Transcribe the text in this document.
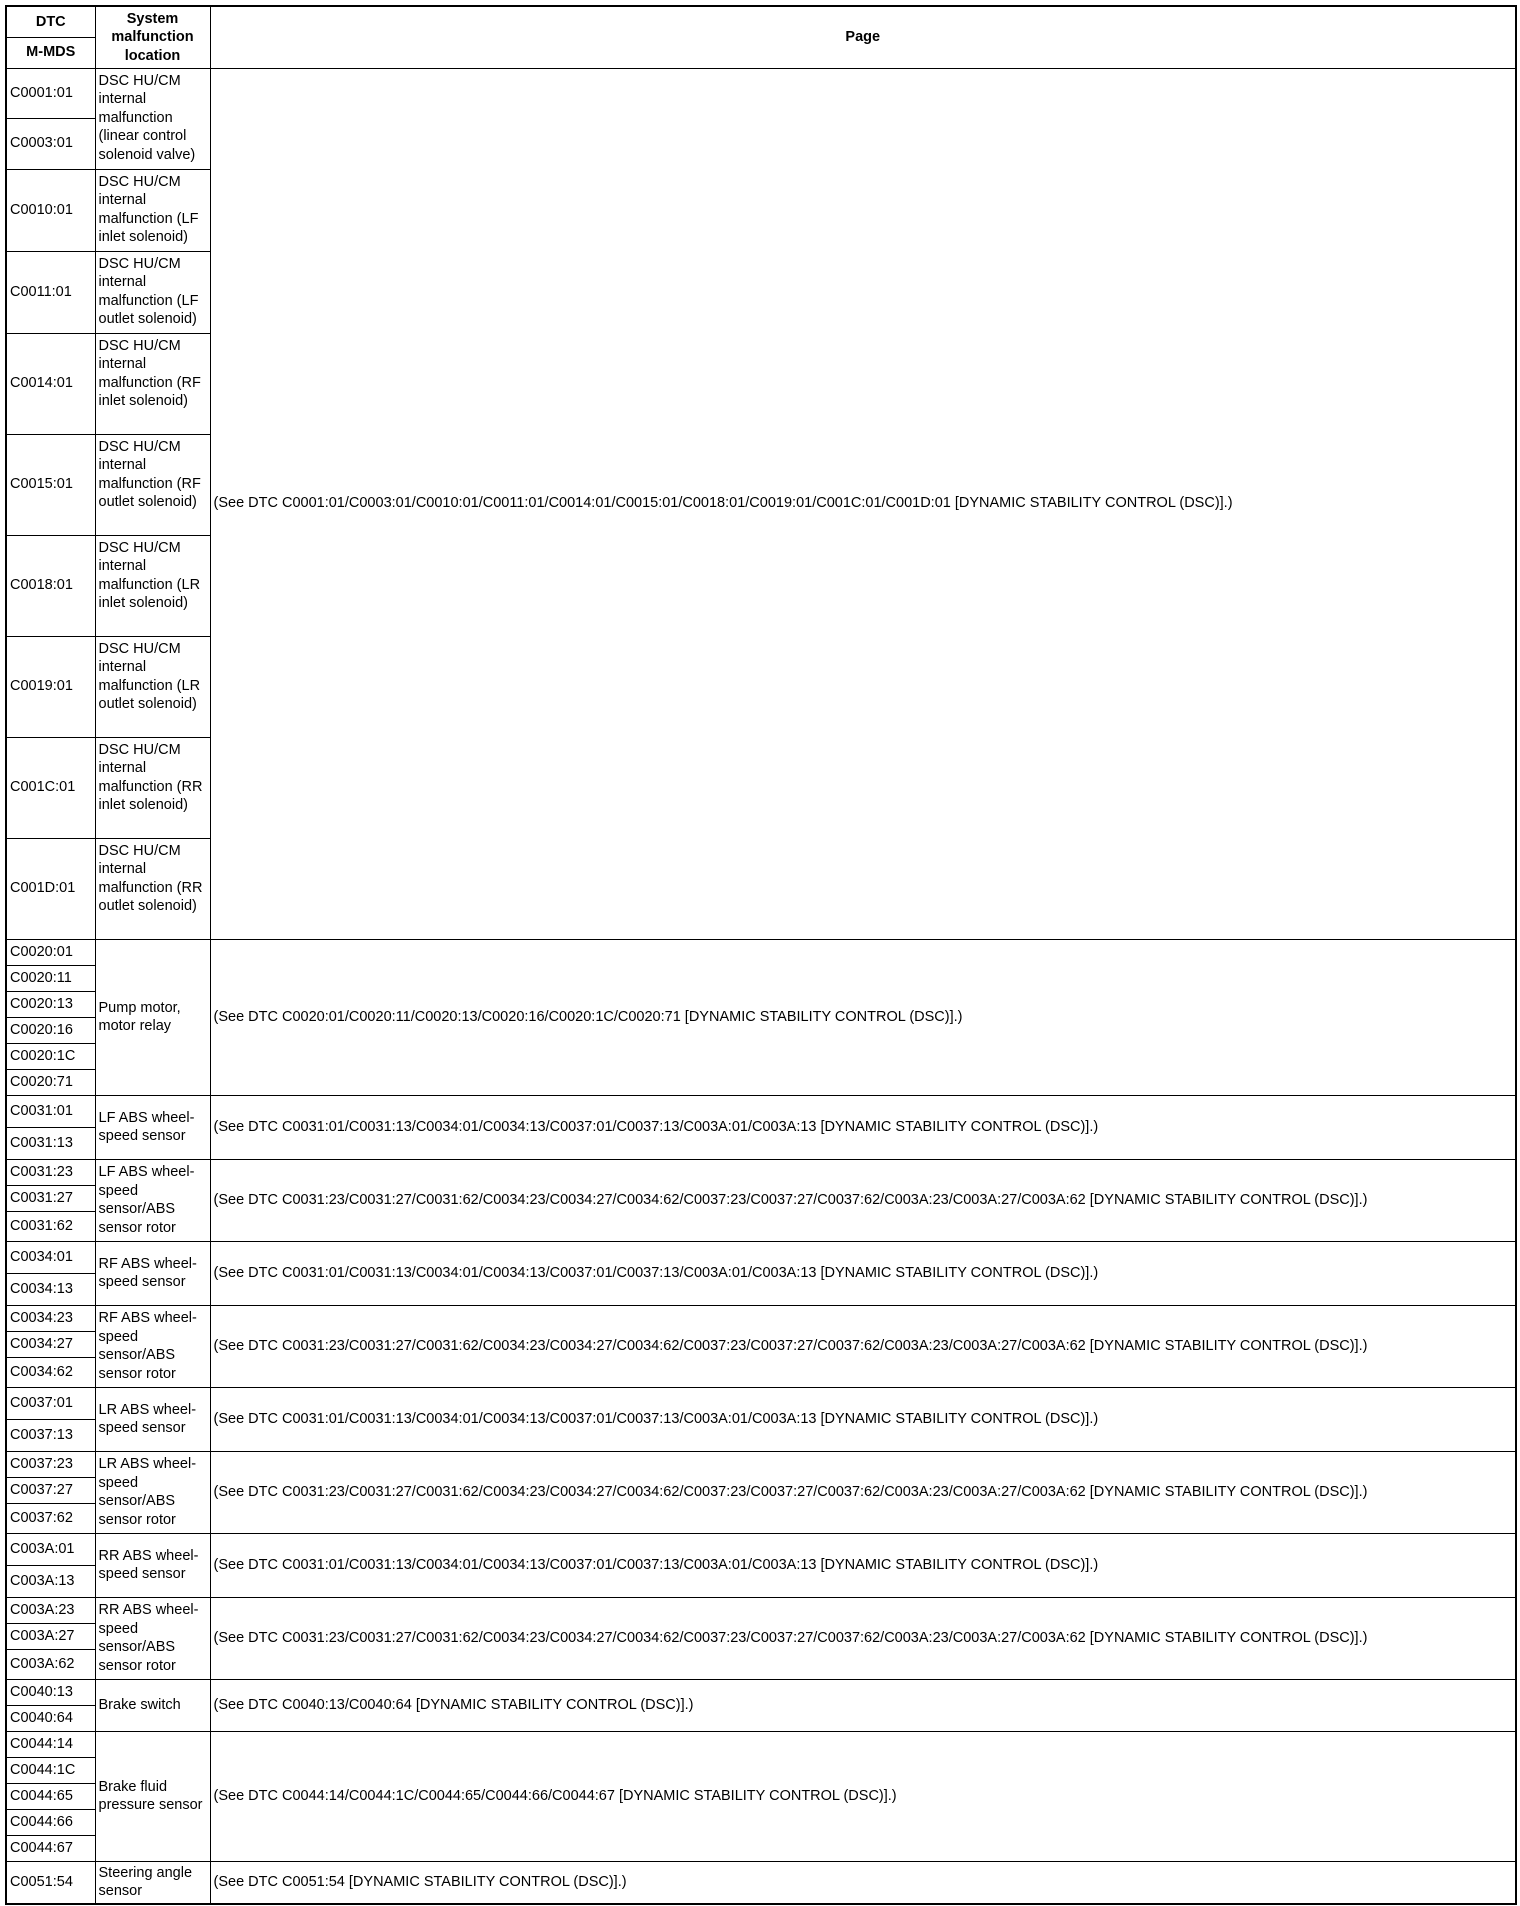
DTC	System malfunction location	Page
M-MDS		
C0001:01	DSC HU/CM internal malfunction (linear control solenoid valve)	(See DTC C0001:01/C0003:01/C0010:01/C0011:01/C0014:01/C0015:01/C0018:01/C0019:01/C001C:01/C001D:01 [DYNAMIC STABILITY CONTROL (DSC)].)
C0003:01		
C0010:01	DSC HU/CM internal malfunction (LF inlet solenoid)	
C0011:01	DSC HU/CM internal malfunction (LF outlet solenoid)	
C0014:01	DSC HU/CM internal malfunction (RF inlet solenoid)	
C0015:01	DSC HU/CM internal malfunction (RF outlet solenoid)	
C0018:01	DSC HU/CM internal malfunction (LR inlet solenoid)	
C0019:01	DSC HU/CM internal malfunction (LR outlet solenoid)	
C001C:01	DSC HU/CM internal malfunction (RR inlet solenoid)	
C001D:01	DSC HU/CM internal malfunction (RR outlet solenoid)	
C0020:01	Pump motor, motor relay	(See DTC C0020:01/C0020:11/C0020:13/C0020:16/C0020:1C/C0020:71 [DYNAMIC STABILITY CONTROL (DSC)].)
C0020:11		
C0020:13		
C0020:16		
C0020:1C		
C0020:71		
C0031:01	LF ABS wheel-speed sensor	(See DTC C0031:01/C0031:13/C0034:01/C0034:13/C0037:01/C0037:13/C003A:01/C003A:13 [DYNAMIC STABILITY CONTROL (DSC)].)
C0031:13		
C0031:23	LF ABS wheel-speed sensor/ABS sensor rotor	(See DTC C0031:23/C0031:27/C0031:62/C0034:23/C0034:27/C0034:62/C0037:23/C0037:27/C0037:62/C003A:23/C003A:27/C003A:62 [DYNAMIC STABILITY CONTROL (DSC)].)
C0031:27		
C0031:62		
C0034:01	RF ABS wheel-speed sensor	(See DTC C0031:01/C0031:13/C0034:01/C0034:13/C0037:01/C0037:13/C003A:01/C003A:13 [DYNAMIC STABILITY CONTROL (DSC)].)
C0034:13		
C0034:23	RF ABS wheel-speed sensor/ABS sensor rotor	(See DTC C0031:23/C0031:27/C0031:62/C0034:23/C0034:27/C0034:62/C0037:23/C0037:27/C0037:62/C003A:23/C003A:27/C003A:62 [DYNAMIC STABILITY CONTROL (DSC)].)
C0034:27		
C0034:62		
C0037:01	LR ABS wheel-speed sensor	(See DTC C0031:01/C0031:13/C0034:01/C0034:13/C0037:01/C0037:13/C003A:01/C003A:13 [DYNAMIC STABILITY CONTROL (DSC)].)
C0037:13		
C0037:23	LR ABS wheel-speed sensor/ABS sensor rotor	(See DTC C0031:23/C0031:27/C0031:62/C0034:23/C0034:27/C0034:62/C0037:23/C0037:27/C0037:62/C003A:23/C003A:27/C003A:62 [DYNAMIC STABILITY CONTROL (DSC)].)
C0037:27		
C0037:62		
C003A:01	RR ABS wheel-speed sensor	(See DTC C0031:01/C0031:13/C0034:01/C0034:13/C0037:01/C0037:13/C003A:01/C003A:13 [DYNAMIC STABILITY CONTROL (DSC)].)
C003A:13		
C003A:23	RR ABS wheel-speed sensor/ABS sensor rotor	(See DTC C0031:23/C0031:27/C0031:62/C0034:23/C0034:27/C0034:62/C0037:23/C0037:27/C0037:62/C003A:23/C003A:27/C003A:62 [DYNAMIC STABILITY CONTROL (DSC)].)
C003A:27		
C003A:62		
C0040:13	Brake switch	(See DTC C0040:13/C0040:64 [DYNAMIC STABILITY CONTROL (DSC)].)
C0040:64		
C0044:14	Brake fluid pressure sensor	(See DTC C0044:14/C0044:1C/C0044:65/C0044:66/C0044:67 [DYNAMIC STABILITY CONTROL (DSC)].)
C0044:1C		
C0044:65		
C0044:66		
C0044:67		
C0051:54	Steering angle sensor	(See DTC C0051:54 [DYNAMIC STABILITY CONTROL (DSC)].)
